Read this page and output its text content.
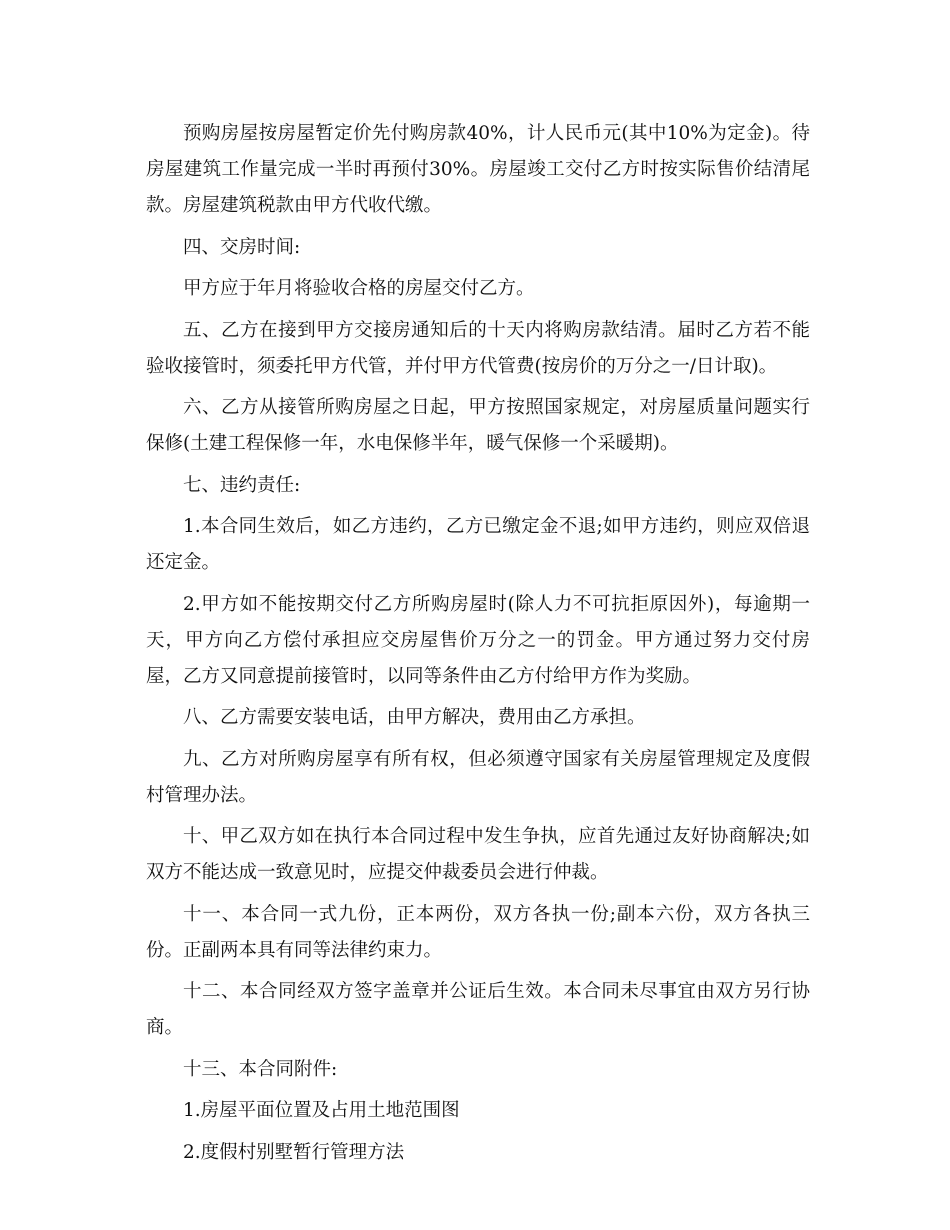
预购房屋按房屋暂定价先付购房款40%，计人民币元(其中10%为定金)。待房屋建筑工作量完成一半时再预付30%。房屋竣工交付乙方时按实际售价结清尾款。房屋建筑税款由甲方代收代缴。

四、交房时间:

甲方应于年月将验收合格的房屋交付乙方。

五、乙方在接到甲方交接房通知后的十天内将购房款结清。届时乙方若不能验收接管时，须委托甲方代管，并付甲方代管费(按房价的万分之一/日计取)。

六、乙方从接管所购房屋之日起，甲方按照国家规定，对房屋质量问题实行保修(土建工程保修一年，水电保修半年，暖气保修一个采暖期)。

七、违约责任:

1.本合同生效后，如乙方违约，乙方已缴定金不退;如甲方违约，则应双倍退还定金。

2.甲方如不能按期交付乙方所购房屋时(除人力不可抗拒原因外)，每逾期一天，甲方向乙方偿付承担应交房屋售价万分之一的罚金。甲方通过努力交付房屋，乙方又同意提前接管时，以同等条件由乙方付给甲方作为奖励。

八、乙方需要安装电话，由甲方解决，费用由乙方承担。

九、乙方对所购房屋享有所有权，但必须遵守国家有关房屋管理规定及度假村管理办法。

十、甲乙双方如在执行本合同过程中发生争执，应首先通过友好协商解决;如双方不能达成一致意见时，应提交仲裁委员会进行仲裁。

十一、本合同一式九份，正本两份，双方各执一份;副本六份，双方各执三份。正副两本具有同等法律约束力。

十二、本合同经双方签字盖章并公证后生效。本合同未尽事宜由双方另行协商。

十三、本合同附件:

1.房屋平面位置及占用土地范围图

2.度假村别墅暂行管理方法
